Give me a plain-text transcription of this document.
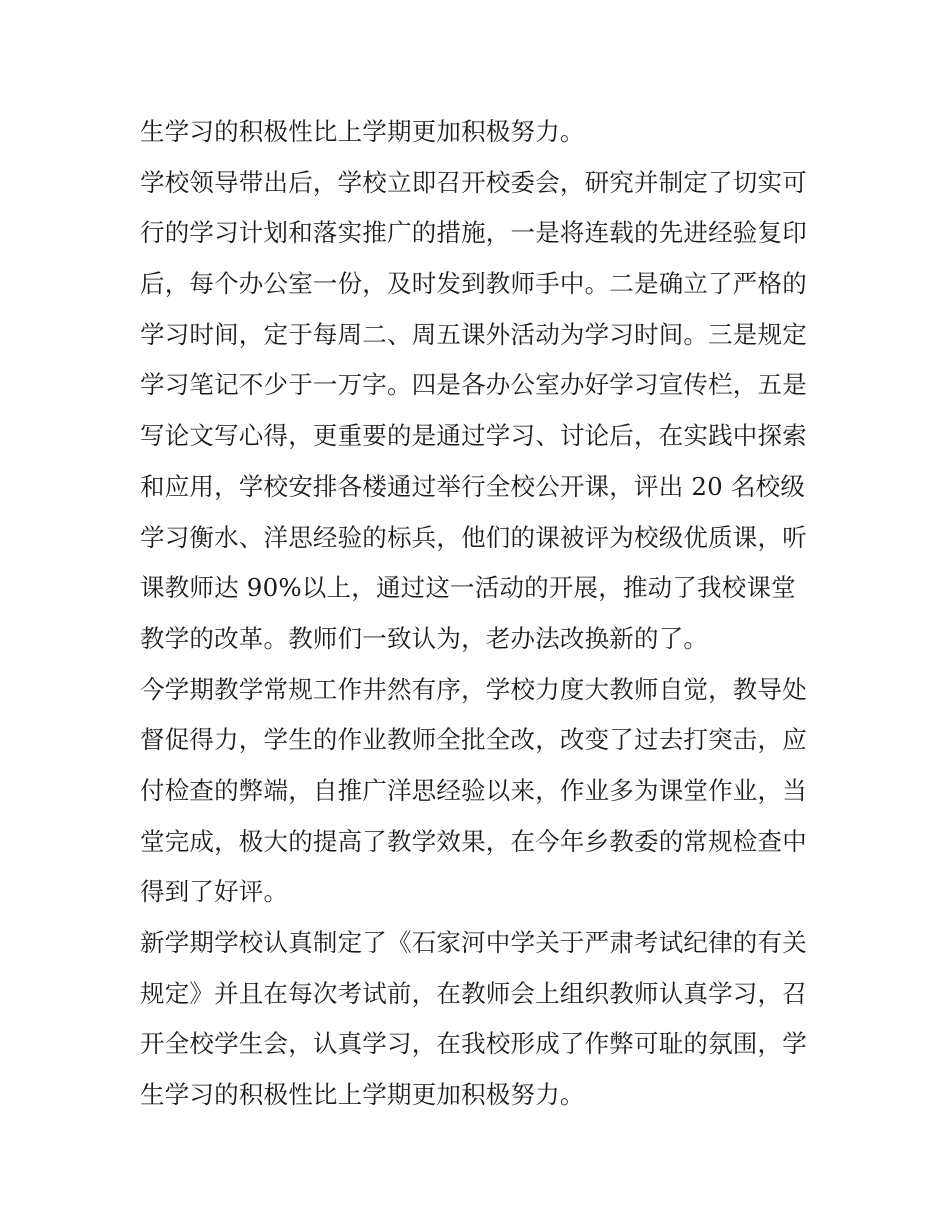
生学习的积极性比上学期更加积极努力。
学校领导带出后，学校立即召开校委会，研究并制定了切实可
行的学习计划和落实推广的措施，一是将连载的先进经验复印
后，每个办公室一份，及时发到教师手中。二是确立了严格的
学习时间，定于每周二、周五课外活动为学习时间。三是规定
学习笔记不少于一万字。四是各办公室办好学习宣传栏，五是
写论文写心得，更重要的是通过学习、讨论后，在实践中探索
和应用，学校安排各楼通过举行全校公开课，评出 20 名校级
学习衡水、洋思经验的标兵，他们的课被评为校级优质课，听
课教师达 90%以上，通过这一活动的开展，推动了我校课堂
教学的改革。教师们一致认为，老办法改换新的了。
今学期教学常规工作井然有序，学校力度大教师自觉，教导处
督促得力，学生的作业教师全批全改，改变了过去打突击，应
付检查的弊端，自推广洋思经验以来，作业多为课堂作业，当
堂完成，极大的提高了教学效果，在今年乡教委的常规检查中
得到了好评。
新学期学校认真制定了《石家河中学关于严肃考试纪律的有关
规定》并且在每次考试前，在教师会上组织教师认真学习，召
开全校学生会，认真学习，在我校形成了作弊可耻的氛围，学
生学习的积极性比上学期更加积极努力。
